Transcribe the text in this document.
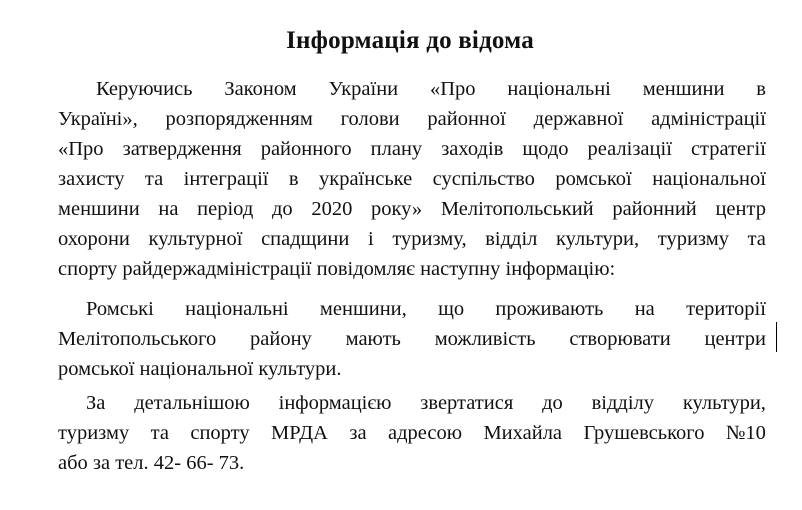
Інформація до відома
Керуючись Законом України «Про національні меншини в
Україні», розпорядженням голови районної державної адміністрації
«Про затвердження районного плану заходів щодо реалізації стратегії
захисту та інтеграції в українське суспільство ромської національної
меншини на період до 2020 року» Мелітопольський районний центр
охорони культурної спадщини і туризму, відділ культури, туризму та
спорту райдержадміністрації повідомляє наступну інформацію:
Ромські національні меншини, що проживають на території
Мелітопольського району мають можливість створювати центри
ромської національної культури.
За детальнішою інформацією звертатися до відділу культури,
туризму та спорту МРДА за адресою Михайла Грушевського №10
або за тел. 42- 66- 73.
